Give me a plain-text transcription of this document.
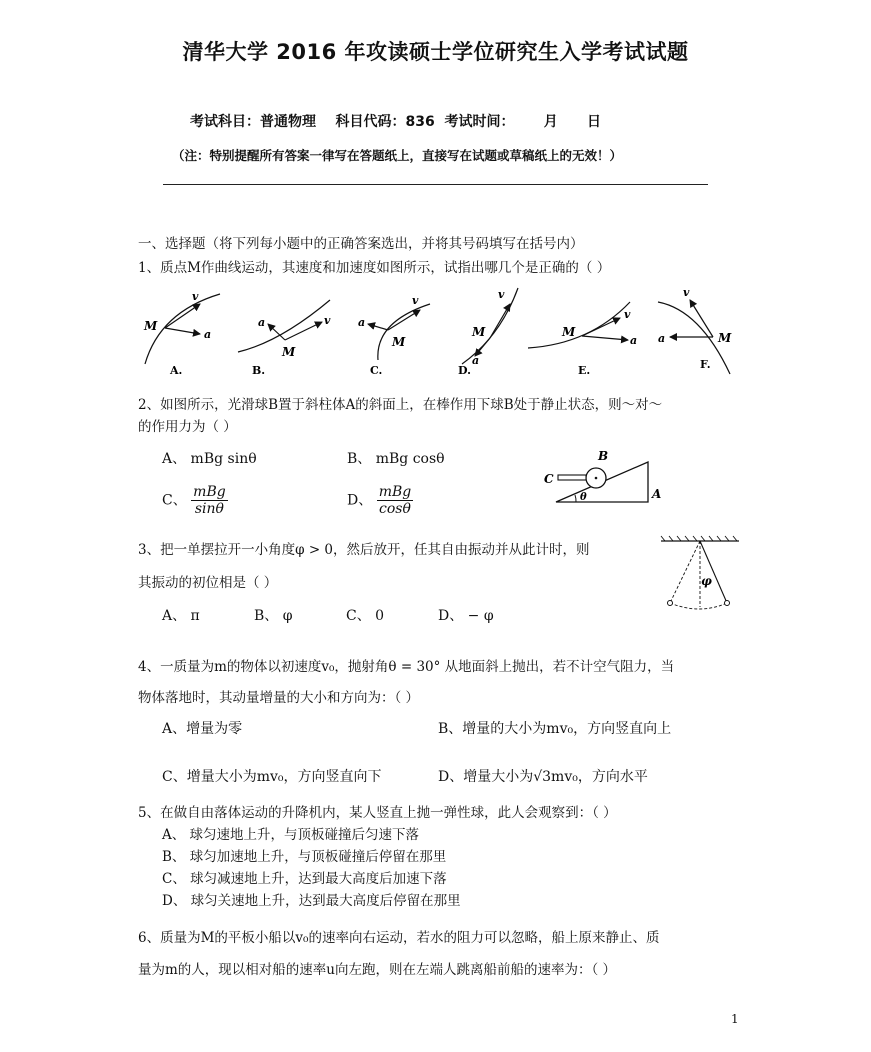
清华大学 2016 年攻读硕士学位研究生入学考试试题
考试科目：普通物理    科目代码：836  考试时间：      月      日
（注：特别提醒所有答案一律写在答题纸上，直接写在试题或草稿纸上的无效！）
一、选择题（将下列每小题中的正确答案选出，并将其号码填写在括号内）
1、质点M作曲线运动，其速度和加速度如图所示，试指出哪几个是正确的（ ）
M
v
a
A.
M
v
a
B.
M
v
a
C.
M
v
a
D.
M
v
a
E.
M
v
a
F.
2、如图所示，光滑球B置于斜柱体A的斜面上，在棒作用下球B处于静止状态，则～对～
的作用力为（ ）
A、 mBg sinθ	B、 mBg cosθ
C、 $\frac{\text{mBg}}{\sin\theta}$	D、 $\frac{\text{mBg}}{\cos\theta}$
B
C
A
θ
3、把一单摆拉开一小角度φ > 0，然后放开，任其自由振动并从此计时，则
其振动的初位相是（ ）
A、 π	B、 φ	C、 0	D、 − φ
φ
4、一质量为m的物体以初速度v₀，抛射角θ = 30° 从地面斜上抛出，若不计空气阻力，当
物体落地时，其动量增量的大小和方向为：（ ）
A、增量为零	B、增量的大小为mv₀，方向竖直向上
C、增量大小为mv₀，方向竖直向下	D、增量大小为√3mv₀，方向水平
5、在做自由落体运动的升降机内，某人竖直上抛一弹性球，此人会观察到：（ ）
A、 球匀速地上升，与顶板碰撞后匀速下落
B、 球匀加速地上升，与顶板碰撞后停留在那里
C、 球匀减速地上升，达到最大高度后加速下落
D、 球匀关速地上升，达到最大高度后停留在那里
6、质量为M的平板小船以v₀的速率向右运动，若水的阻力可以忽略，船上原来静止、质
量为m的人，现以相对船的速率u向左跑，则在左端人跳离船前船的速率为：（ ）
1
